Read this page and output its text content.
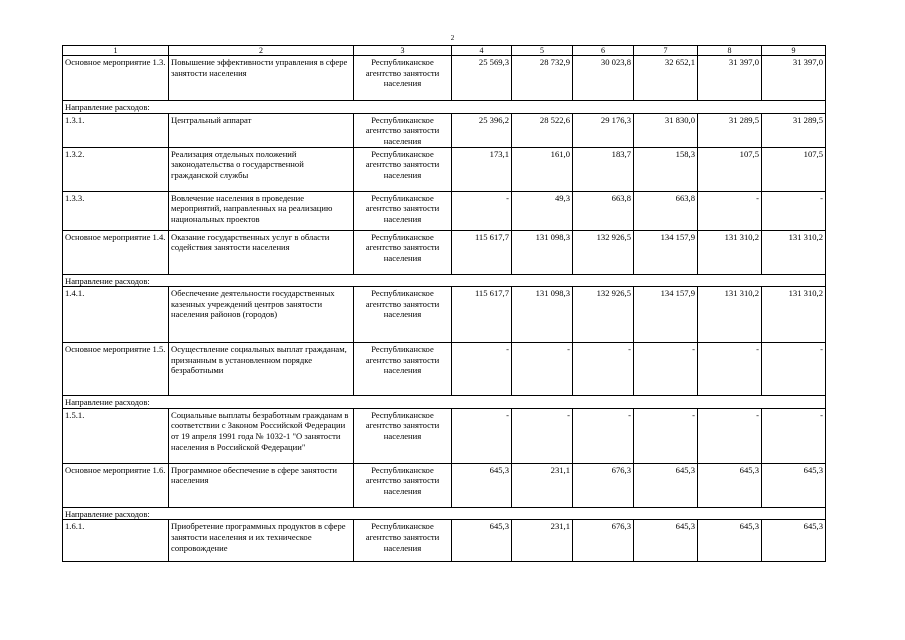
2
1	2	3	4	5	6	7	8	9
Основное мероприятие 1.3.	Повышение эффективности управления в сфере занятости населения	Республиканское агентство занятости населения	25 569,3	28 732,9	30 023,8	32 652,1	31 397,0	31 397,0
Направление расходов:								
1.3.1.	Центральный аппарат	Республиканское агентство занятости населения	25 396,2	28 522,6	29 176,3	31 830,0	31 289,5	31 289,5
1.3.2.	Реализация отдельных положений законодательства о государственной гражданской службы	Республиканское агентство занятости населения	173,1	161,0	183,7	158,3	107,5	107,5
1.3.3.	Вовлечение населения в проведение мероприятий, направленных на реализацию национальных проектов	Республиканское агентство занятости населения	-	49,3	663,8	663,8	-	-
Основное мероприятие 1.4.	Оказание государственных услуг в области содействия занятости населения	Республиканское агентство занятости населения	115 617,7	131 098,3	132 926,5	134 157,9	131 310,2	131 310,2
Направление расходов:								
1.4.1.	Обеспечение деятельности государственных казенных учреждений центров занятости населения районов (городов)	Республиканское агентство занятости населения	115 617,7	131 098,3	132 926,5	134 157,9	131 310,2	131 310,2
Основное мероприятие 1.5.	Осуществление социальных выплат гражданам, признанным в установленном порядке безработными	Республиканское агентство занятости населения	-	-	-	-	-	-
Направление расходов:								
1.5.1.	Социальные выплаты безработным гражданам в соответствии с Законом Российской Федерации от 19 апреля 1991 года № 1032-1 "О занятости населения в Российской Федерации"	Республиканское агентство занятости населения	-	-	-	-	-	-
Основное мероприятие 1.6.	Программное обеспечение в сфере занятости населения	Республиканское агентство занятости населения	645,3	231,1	676,3	645,3	645,3	645,3
Направление расходов:								
1.6.1.	Приобретение программных продуктов в сфере занятости населения и их техническое сопровождение	Республиканское агентство занятости населения	645,3	231,1	676,3	645,3	645,3	645,3
